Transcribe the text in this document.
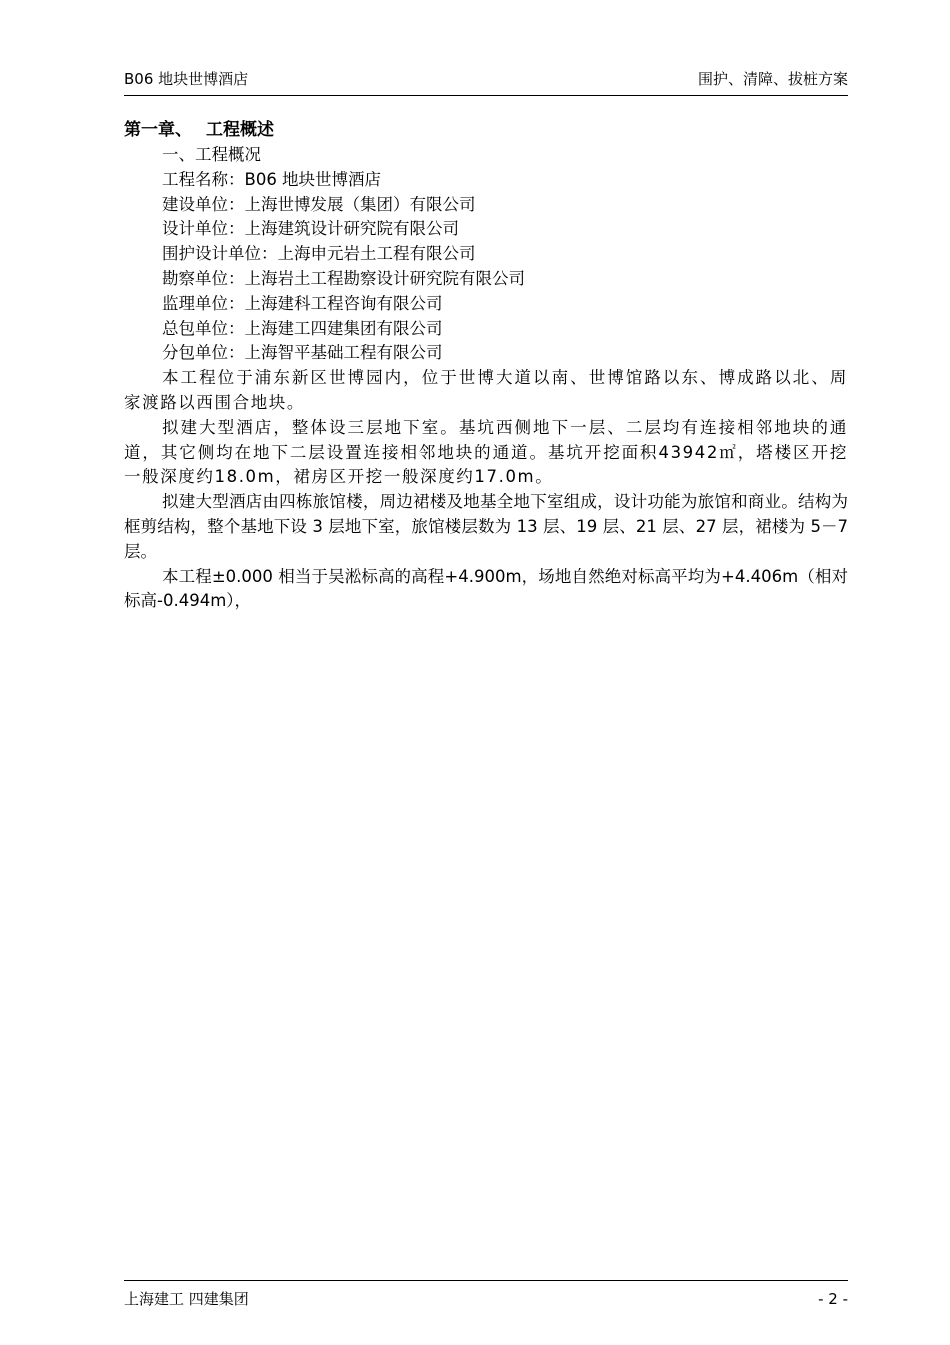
B06 地块世博酒店	围护、清障、拔桩方案
第一章、 工程概述

一、工程概况

工程名称：B06 地块世博酒店

建设单位：上海世博发展（集团）有限公司

设计单位：上海建筑设计研究院有限公司

围护设计单位：上海申元岩土工程有限公司

勘察单位：上海岩土工程勘察设计研究院有限公司

监理单位：上海建科工程咨询有限公司

总包单位：上海建工四建集团有限公司

分包单位：上海智平基础工程有限公司

本工程位于浦东新区世博园内，位于世博大道以南、世博馆路以东、博成路以北、周家渡路以西围合地块。

拟建大型酒店，整体设三层地下室。基坑西侧地下一层、二层均有连接相邻地块的通道，其它侧均在地下二层设置连接相邻地块的通道。基坑开挖面积43942㎡，塔楼区开挖一般深度约18.0m，裙房区开挖一般深度约17.0m。

拟建大型酒店由四栋旅馆楼，周边裙楼及地基全地下室组成，设计功能为旅馆和商业。结构为框剪结构，整个基地下设 3 层地下室，旅馆楼层数为 13 层、19 层、21 层、27 层，裙楼为 5－7 层。

本工程±0.000 相当于吴淞标高的高程+4.900m，场地自然绝对标高平均为+4.406m（相对标高-0.494m），

上海建工 四建集团	- 2 -
